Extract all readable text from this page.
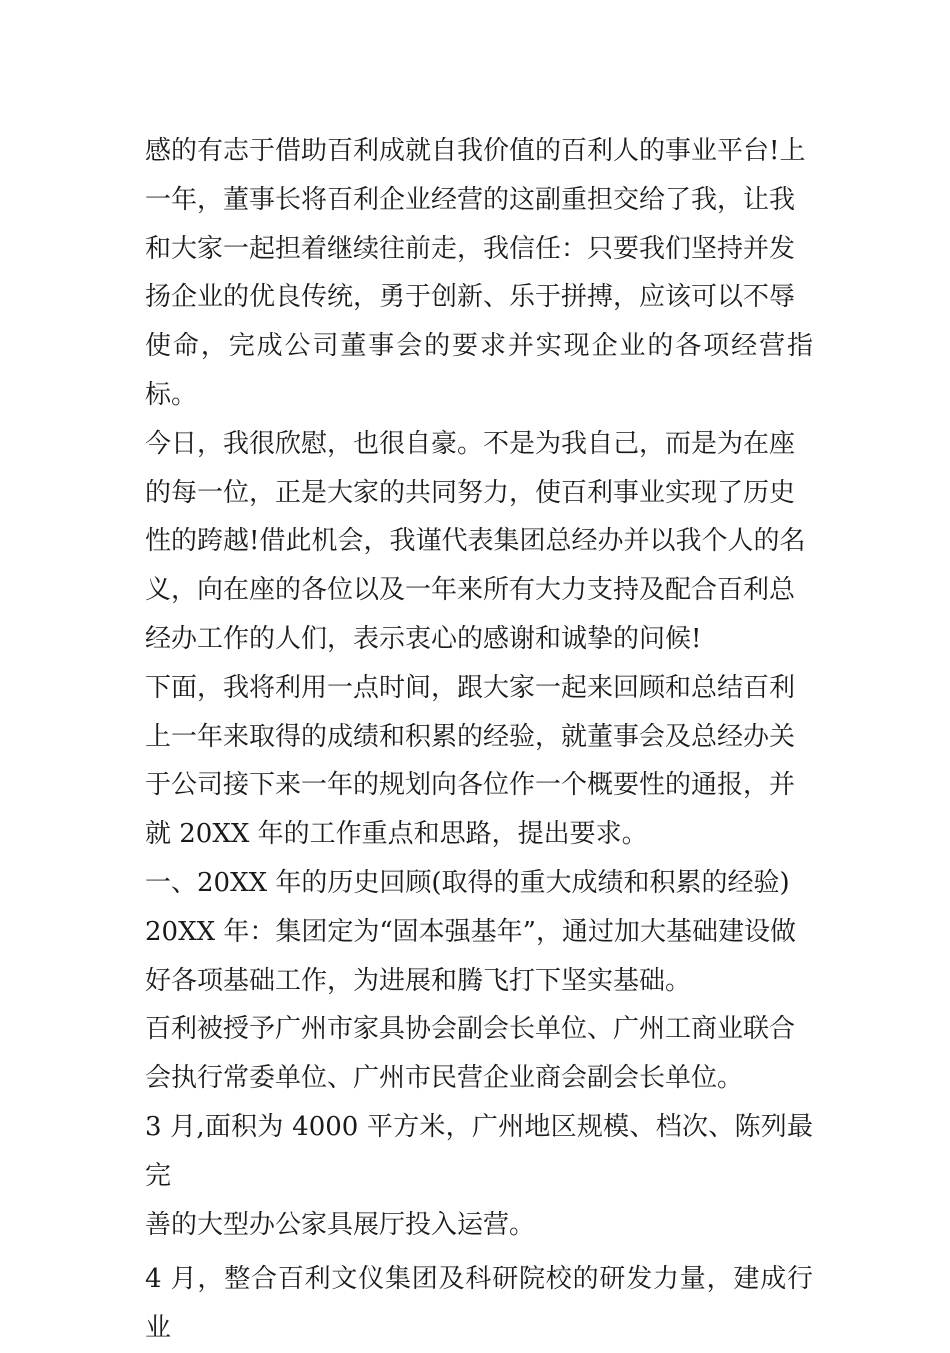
感的有志于借助百利成就自我价值的百利人的事业平台!上
一年，董事长将百利企业经营的这副重担交给了我，让我
和大家一起担着继续往前走，我信任：只要我们坚持并发
扬企业的优良传统，勇于创新、乐于拼搏，应该可以不辱
使命，完成公司董事会的要求并实现企业的各项经营指标。

今日，我很欣慰，也很自豪。不是为我自己，而是为在座
的每一位，正是大家的共同努力，使百利事业实现了历史
性的跨越!借此机会，我谨代表集团总经办并以我个人的名
义，向在座的各位以及一年来所有大力支持及配合百利总
经办工作的人们，表示衷心的感谢和诚挚的问候!

下面，我将利用一点时间，跟大家一起来回顾和总结百利
上一年来取得的成绩和积累的经验，就董事会及总经办关
于公司接下来一年的规划向各位作一个概要性的通报，并
就 20XX 年的工作重点和思路，提出要求。

一、20XX 年的历史回顾(取得的重大成绩和积累的经验)

20XX 年：集团定为“固本强基年”，通过加大基础建设做
好各项基础工作，为进展和腾飞打下坚实基础。

百利被授予广州市家具协会副会长单位、广州工商业联合
会执行常委单位、广州市民营企业商会副会长单位。

3 月,面积为 4000 平方米，广州地区规模、档次、陈列最完
善的大型办公家具展厅投入运营。

4 月，整合百利文仪集团及科研院校的研发力量，建成行业
